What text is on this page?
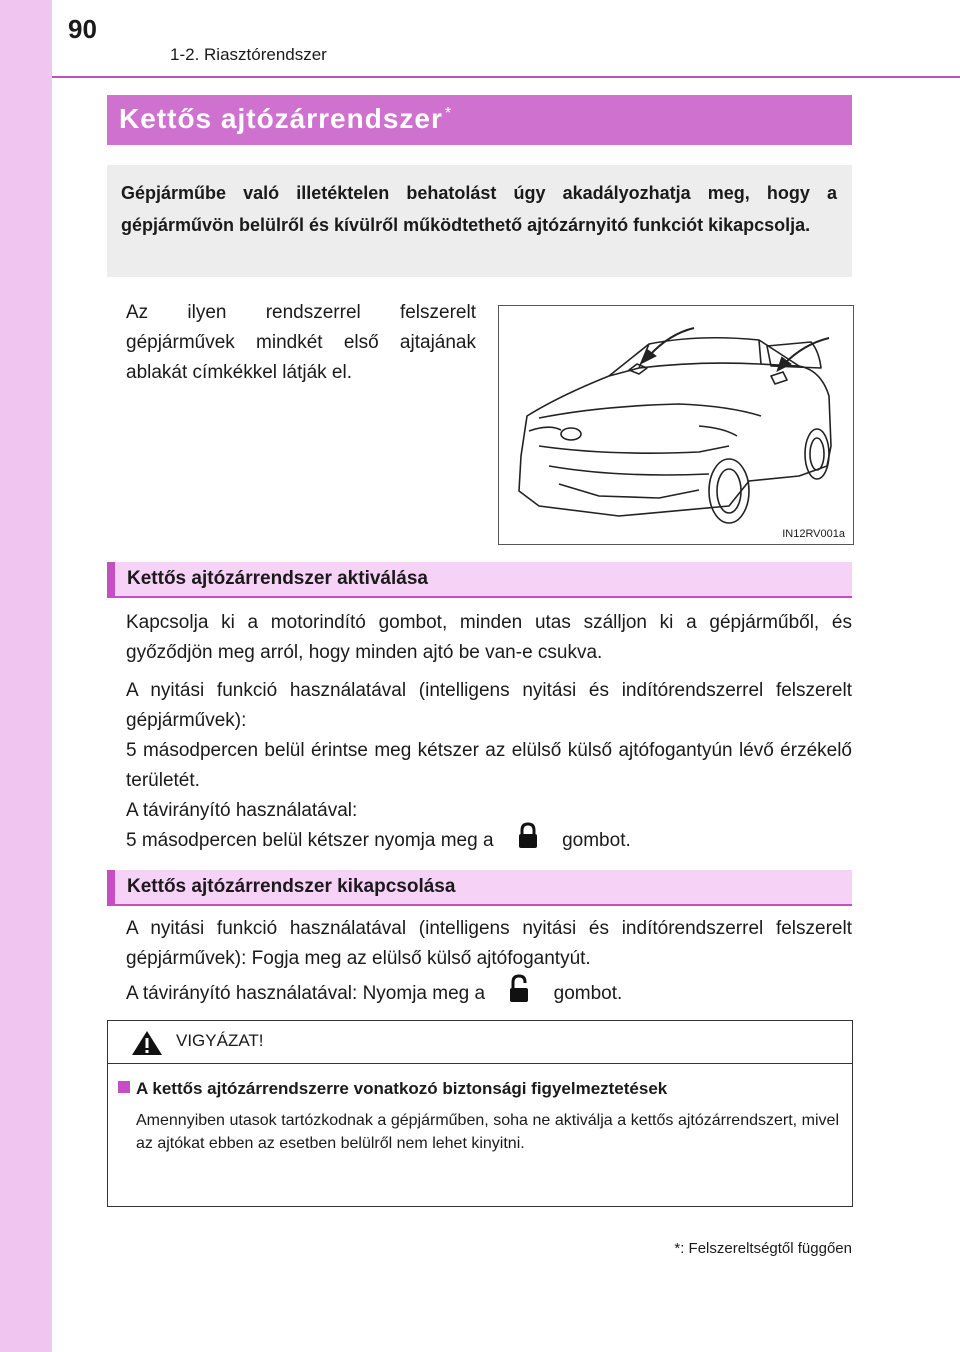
90
1-2. Riasztórendszer
Kettős ajtózárrendszer *
Gépjárműbe való illetéktelen behatolást úgy akadályozhatja meg, hogy a gépjárművön belülről és kívülről működtethető ajtózárnyitó funkciót kikapcsolja.
Az ilyen rendszerrel felszerelt gépjárművek mindkét első ajtajának ablakát címkékkel látják el.
IN12RV001a
Kettős ajtózárrendszer aktiválása
Kapcsolja ki a motorindító gombot, minden utas szálljon ki a gépjárműből, és győződjön meg arról, hogy minden ajtó be van-e csukva.
A nyitási funkció használatával (intelligens nyitási és indítórendszerrel felszerelt gépjárművek):
5 másodpercen belül érintse meg kétszer az elülső külső ajtófogantyún lévő érzékelő területét.
A távirányító használatával:
5 másodpercen belül kétszer nyomja meg a	gombot.
Kettős ajtózárrendszer kikapcsolása
A nyitási funkció használatával (intelligens nyitási és indítórendszerrel felszerelt gépjárművek): Fogja meg az elülső külső ajtófogantyút.
A távirányító használatával: Nyomja meg a	gombot.
VIGYÁZAT!
A kettős ajtózárrendszerre vonatkozó biztonsági figyelmeztetések
Amennyiben utasok tartózkodnak a gépjárműben, soha ne aktiválja a kettős ajtózárrendszert, mivel az ajtókat ebben az esetben belülről nem lehet kinyitni.
*: Felszereltségtől függően
